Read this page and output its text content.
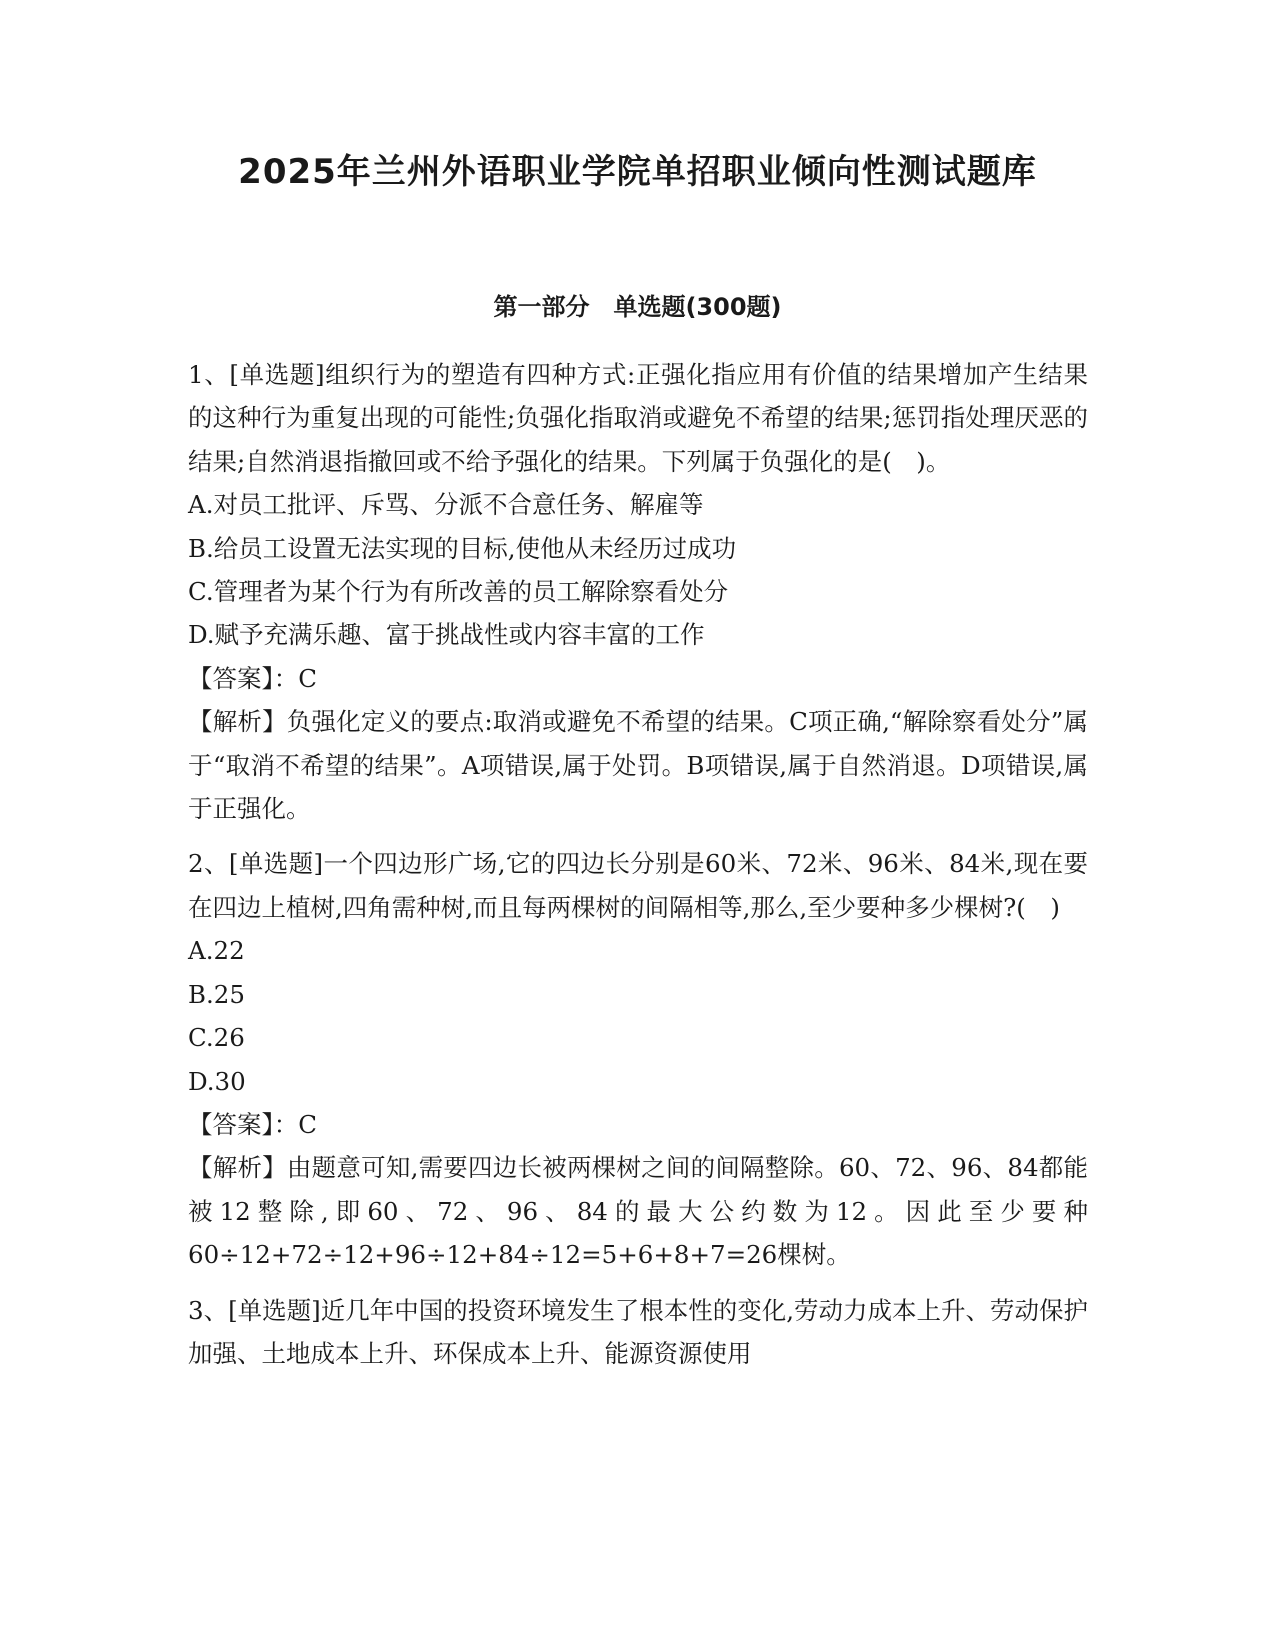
2025年兰州外语职业学院单招职业倾向性测试题库
第一部分　单选题(300题)
1、[单选题]组织行为的塑造有四种方式:正强化指应用有价值的结果增加产生结果的这种行为重复出现的可能性;负强化指取消或避免不希望的结果;惩罚指处理厌恶的结果;自然消退指撤回或不给予强化的结果。下列属于负强化的是(　)。
A.对员工批评、斥骂、分派不合意任务、解雇等
B.给员工设置无法实现的目标,使他从未经历过成功
C.管理者为某个行为有所改善的员工解除察看处分
D.赋予充满乐趣、富于挑战性或内容丰富的工作
【答案】：C
【解析】负强化定义的要点:取消或避免不希望的结果。C项正确,“解除察看处分”属于“取消不希望的结果”。A项错误,属于处罚。B项错误,属于自然消退。D项错误,属于正强化。
2、[单选题]一个四边形广场,它的四边长分别是60米、72米、96米、84米,现在要在四边上植树,四角需种树,而且每两棵树的间隔相等,那么,至少要种多少棵树?(　)
A.22
B.25
C.26
D.30
【答案】：C
【解析】由题意可知,需要四边长被两棵树之间的间隔整除。60、72、96、84都能被12整除,即60、72、96、84的最大公约数为12。因此至少要种60÷12+72÷12+96÷12+84÷12=5+6+8+7=26棵树。
3、[单选题]近几年中国的投资环境发生了根本性的变化,劳动力成本上升、劳动保护加强、土地成本上升、环保成本上升、能源资源使用
